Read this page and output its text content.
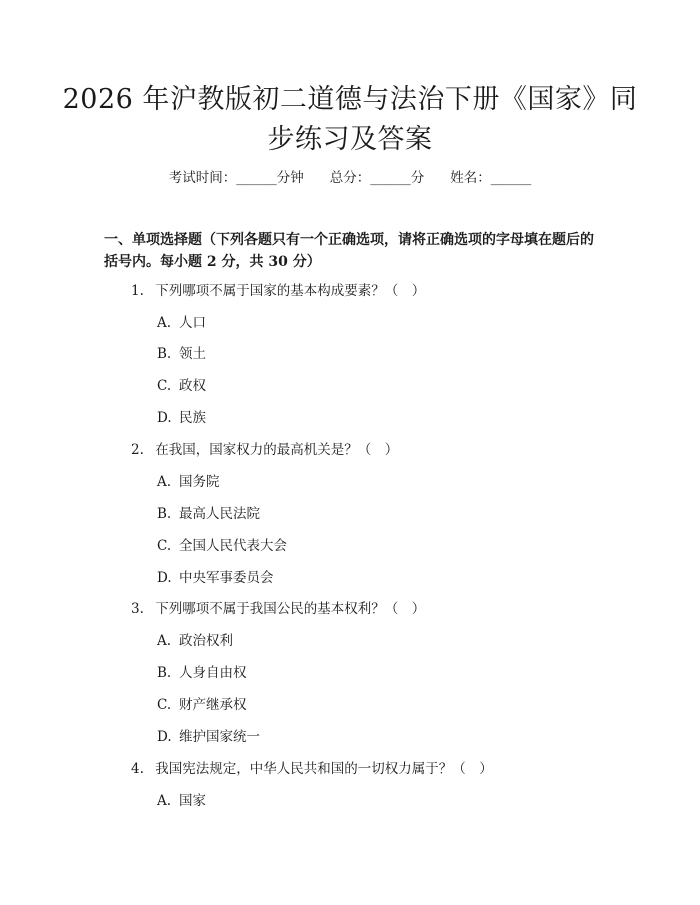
2026 年沪教版初二道德与法治下册《国家》同步练习及答案
考试时间：______分钟 总分：______分 姓名：______
一、单项选择题（下列各题只有一个正确选项，请将正确选项的字母填在题后的括号内。每小题 2 分，共 30 分）
1. 下列哪项不属于国家的基本构成要素？（　）
A. 人口
B. 领土
C. 政权
D. 民族
2. 在我国，国家权力的最高机关是？（　）
A. 国务院
B. 最高人民法院
C. 全国人民代表大会
D. 中央军事委员会
3. 下列哪项不属于我国公民的基本权利？（　）
A. 政治权利
B. 人身自由权
C. 财产继承权
D. 维护国家统一
4. 我国宪法规定，中华人民共和国的一切权力属于？（　）
A. 国家
